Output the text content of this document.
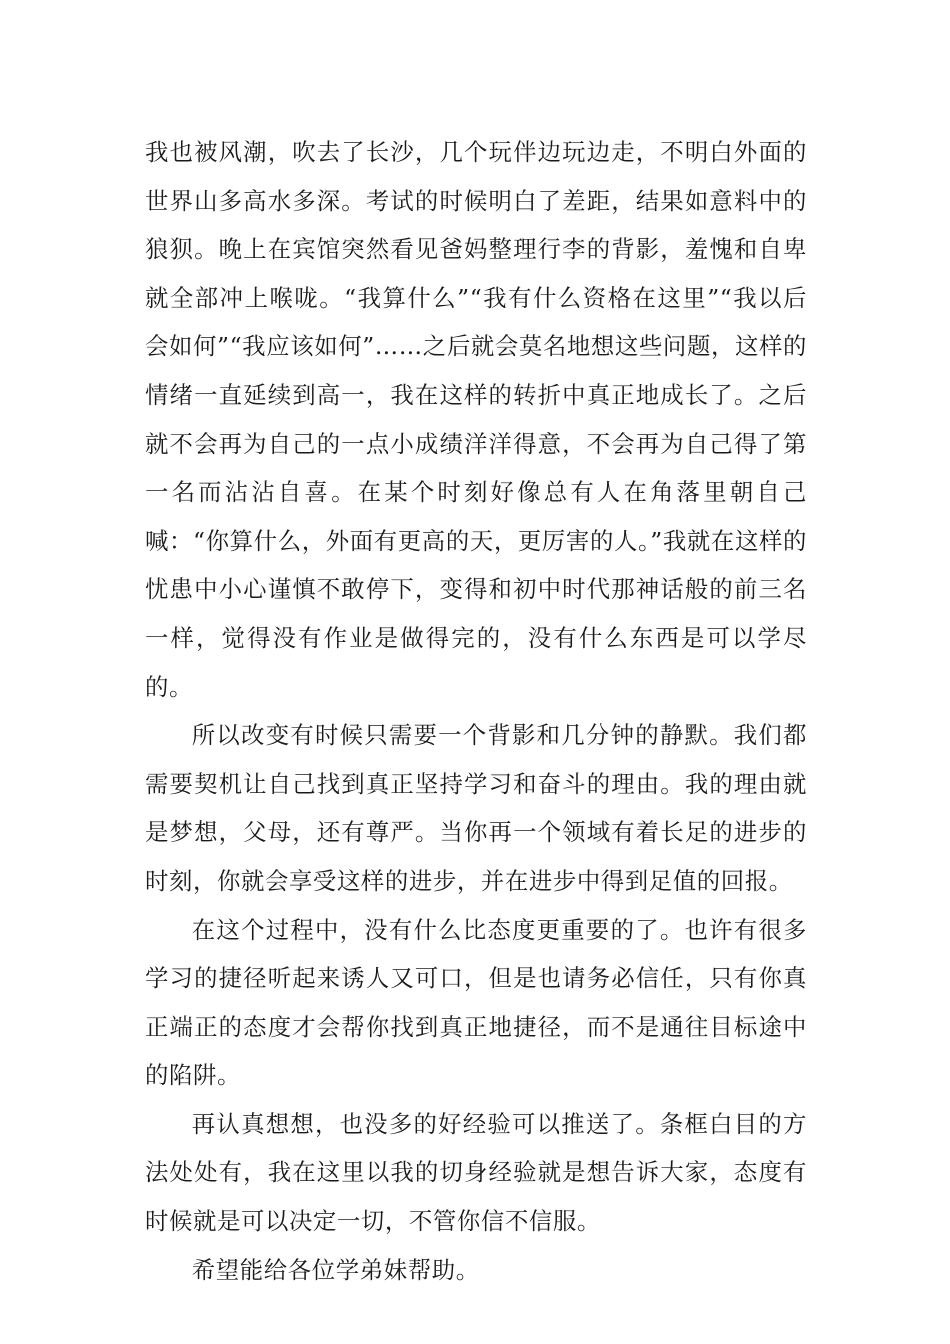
我也被风潮，吹去了长沙，几个玩伴边玩边走，不明白外面的世界山多高水多深。考试的时候明白了差距，结果如意料中的狼狈。晚上在宾馆突然看见爸妈整理行李的背影，羞愧和自卑就全部冲上喉咙。“我算什么”“我有什么资格在这里”“我以后会如何”“我应该如何”……之后就会莫名地想这些问题，这样的情绪一直延续到高一，我在这样的转折中真正地成长了。之后就不会再为自己的一点小成绩洋洋得意，不会再为自己得了第一名而沾沾自喜。在某个时刻好像总有人在角落里朝自己喊：“你算什么，外面有更高的天，更厉害的人。”我就在这样的忧患中小心谨慎不敢停下，变得和初中时代那神话般的前三名一样，觉得没有作业是做得完的，没有什么东西是可以学尽的。

所以改变有时候只需要一个背影和几分钟的静默。我们都需要契机让自己找到真正坚持学习和奋斗的理由。我的理由就是梦想，父母，还有尊严。当你再一个领域有着长足的进步的时刻，你就会享受这样的进步，并在进步中得到足值的回报。

在这个过程中，没有什么比态度更重要的了。也许有很多学习的捷径听起来诱人又可口，但是也请务必信任，只有你真正端正的态度才会帮你找到真正地捷径，而不是通往目标途中的陷阱。

再认真想想，也没多的好经验可以推送了。条框白目的方法处处有，我在这里以我的切身经验就是想告诉大家，态度有时候就是可以决定一切，不管你信不信服。

希望能给各位学弟妹帮助。
